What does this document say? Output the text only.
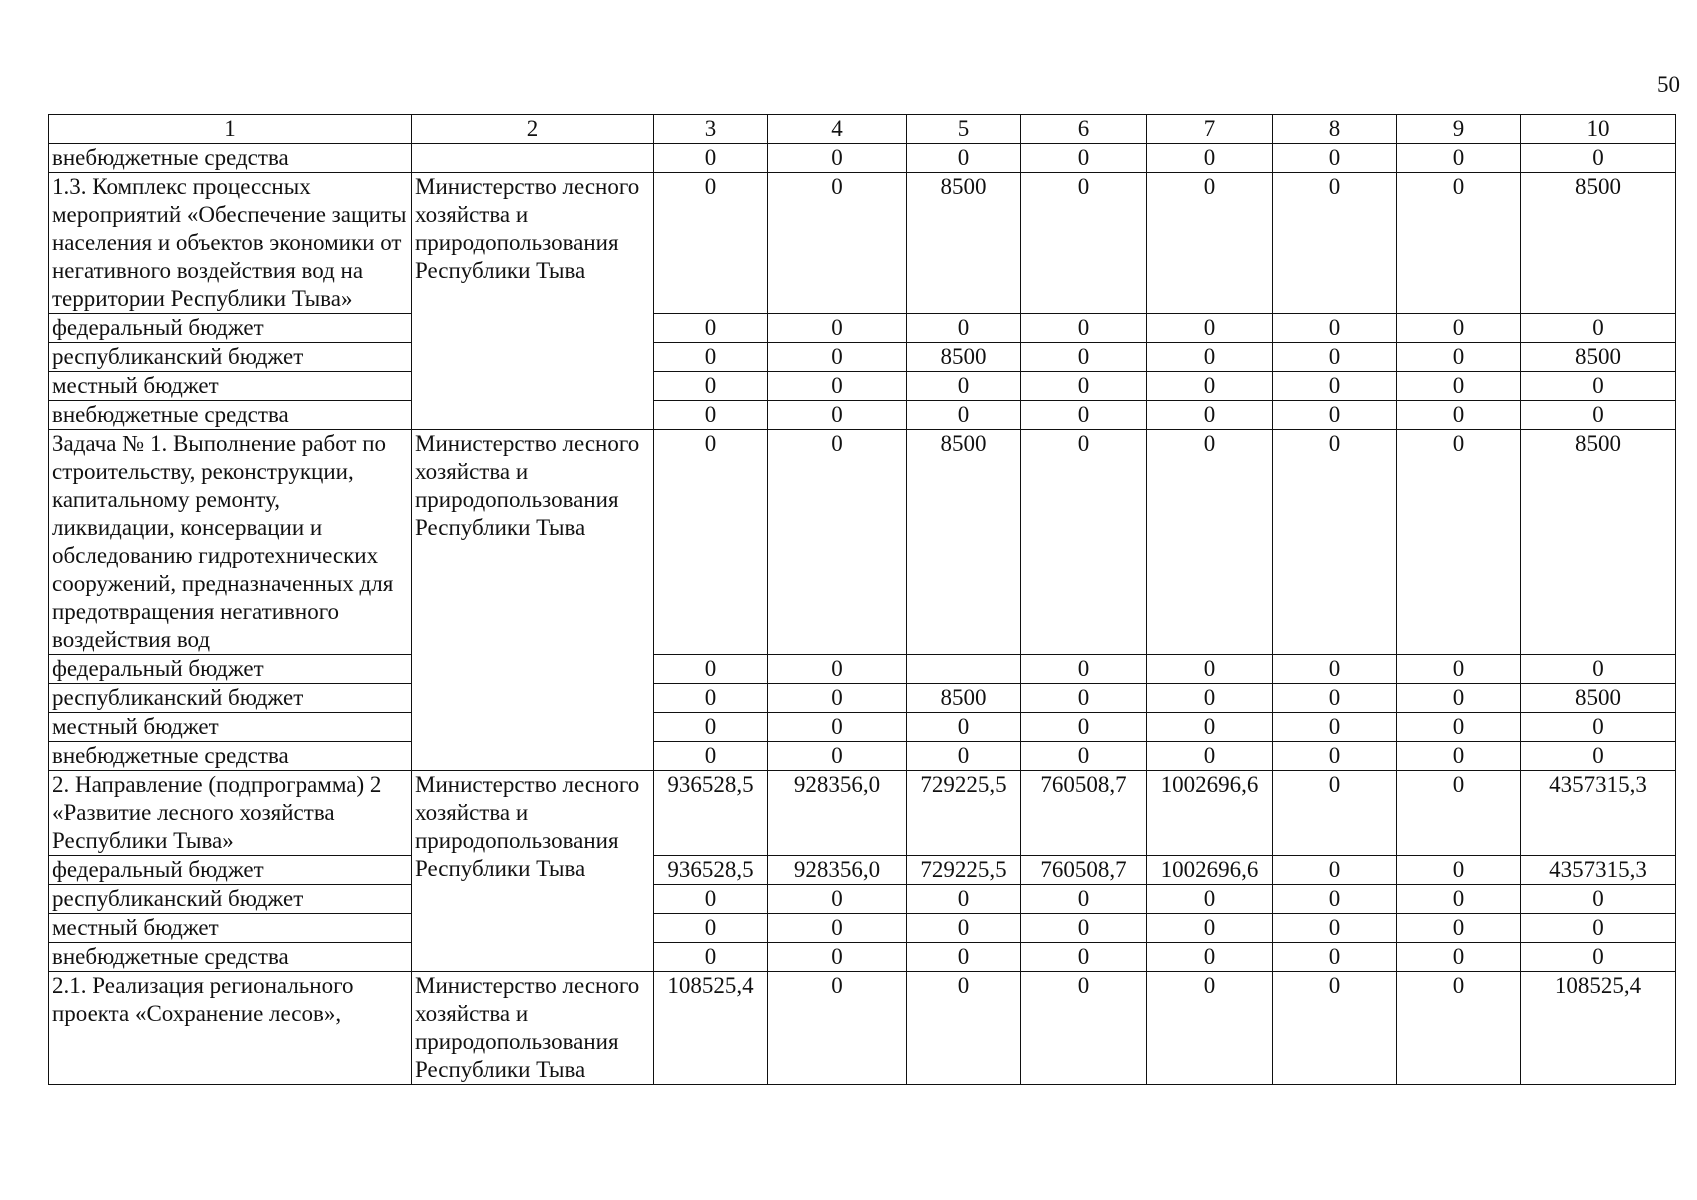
50
1	2	3	4	5	6	7	8	9	10
внебюджетные средства		0	0	0	0	0	0	0	0
1.3. Комплекс процессных мероприятий «Обеспечение защиты населения и объектов экономики от негативного воздействия вод на территории Республики Тыва»	Министерство лесного хозяйства и природопользования Республики Тыва	0	0	8500	0	0	0	0	8500
федеральный бюджет		0	0	0	0	0	0	0	0
республиканский бюджет		0	0	8500	0	0	0	0	8500
местный бюджет		0	0	0	0	0	0	0	0
внебюджетные средства		0	0	0	0	0	0	0	0
Задача № 1. Выполнение работ по строительству, реконструкции, капитальному ремонту, ликвидации, консервации и обследованию гидротехнических сооружений, предназначенных для предотвращения негативного воздействия вод	Министерство лесного хозяйства и природопользования Республики Тыва	0	0	8500	0	0	0	0	8500
федеральный бюджет		0	0		0	0	0	0	0
республиканский бюджет		0	0	8500	0	0	0	0	8500
местный бюджет		0	0	0	0	0	0	0	0
внебюджетные средства		0	0	0	0	0	0	0	0
2. Направление (подпрограмма) 2 «Развитие лесного хозяйства Республики Тыва»	Министерство лесного хозяйства и природопользования Республики Тыва	936528,5	928356,0	729225,5	760508,7	1002696,6	0	0	4357315,3
федеральный бюджет		936528,5	928356,0	729225,5	760508,7	1002696,6	0	0	4357315,3
республиканский бюджет		0	0	0	0	0	0	0	0
местный бюджет		0	0	0	0	0	0	0	0
внебюджетные средства		0	0	0	0	0	0	0	0
2.1. Реализация регионального проекта «Сохранение лесов»,	Министерство лесного хозяйства и природопользования Республики Тыва	108525,4	0	0	0	0	0	0	108525,4
